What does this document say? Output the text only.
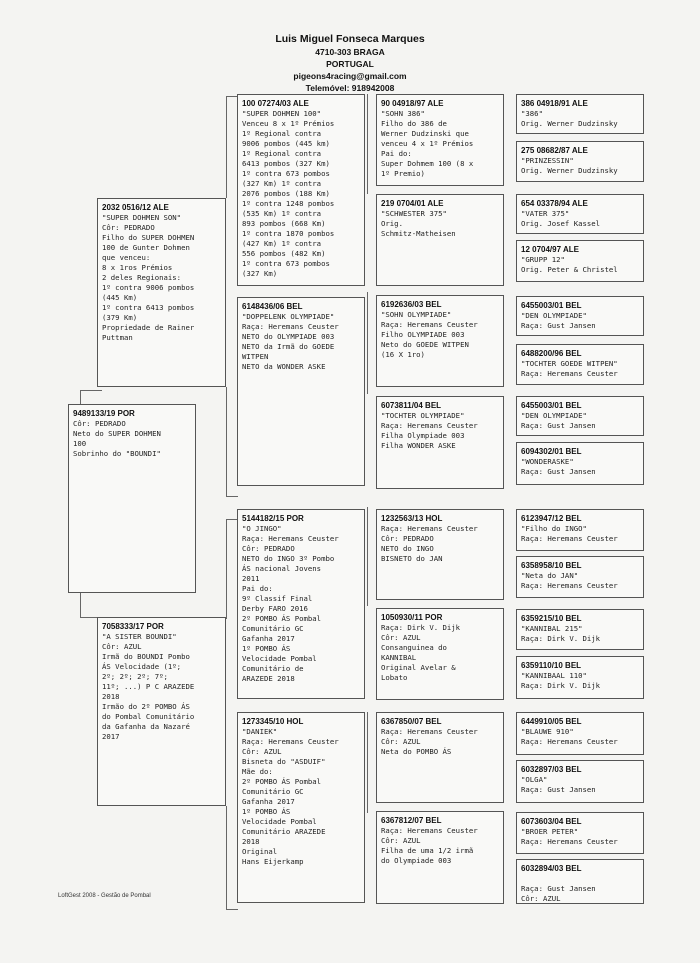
Luis Miguel Fonseca Marques
4710-303 BRAGA
PORTUGAL
pigeons4racing@gmail.com
Telemóvel: 918942008
9489133/19 POR
Côr: PEDRADO
Neto do SUPER DOHMEN
100
Sobrinho do "BOUNDI"
2032 0516/12 ALE
"SUPER DOHMEN SON"
Côr: PEDRADO
Filho do SUPER DOHMEN
100 de Gunter Dohmen
que venceu:
8 x 1ros Prémios
2 deles Regionais:
1º contra 9006 pombos
(445 Km)
1º contra 6413 pombos
(379 Km)
Propriedade de Rainer
Puttman
7058333/17 POR
"A SISTER BOUNDI"
Côr: AZUL
Irmã do BOUNDI Pombo
ÁS Velocidade (1º;
2º; 2º; 2º; 7º;
11º; ...) P C ARAZEDE
2018
Irmão do 2º POMBO ÁS
do Pombal Comunitário
da Gafanha da Nazaré
2017
100 07274/03 ALE
"SUPER DOHMEN 100"
Venceu 8 x 1º Prémios
1º Regional contra
9006 pombos (445 km)
1º Regional contra
6413 pombos (327 Km)
1º contra 673 pombos
(327 Km) 1º contra
2076 pombos (188 Km)
1º contra 1248 pombos
(535 Km) 1º contra
893 pombos (668 Km)
1º contra 1870 pombos
(427 Km) 1º contra
556 pombos (482 Km)
1º contra 673 pombos
(327 Km)
6148436/06 BEL
"DOPPELENK OLYMPIADE"
Raça: Heremans Ceuster
NETO do OLYMPIADE 003
NETO da Irmã do GOEDE
WITPEN
NETO da WONDER ASKE
5144182/15 POR
"O JINGO"
Raça: Heremans Ceuster
Côr: PEDRADO
NETO do INGO 3º Pombo
ÁS nacional Jovens
2011
Pai do:
9º Classif Final
Derby FARO 2016
2º POMBO ÁS Pombal
Comunitário GC
Gafanha 2017
1º POMBO ÁS
Velocidade Pombal
Comunitário de
ARAZEDE 2018
1273345/10 HOL
"DANIEK"
Raça: Heremans Ceuster
Côr: AZUL
Bisneta do "ASDUIF"
Mãe do:
2º POMBO ÁS Pombal
Comunitário GC
Gafanha 2017
1º POMBO ÁS
Velocidade Pombal
Comunitário ARAZEDE
2018
Original
Hans Eijerkamp
90 04918/97 ALE
"SOHN 386"
Filho do 386 de
Werner Dudzinski que
venceu 4 x 1º Prémios
Pai do:
Super Dohmem 100 (8 x
1º Premio)
219 0704/01 ALE
"SCHWESTER 375"
Orig.
Schmitz-Matheisen
6192636/03 BEL
"SOHN OLYMPIADE"
Raça: Heremans Ceuster
Filho OLYMPIADE 003
Neto do GOEDE WITPEN
(16 X 1ro)
6073811/04 BEL
"TOCHTER OLYMPIADE"
Raça: Heremans Ceuster
Filha Olympiade 003
Filha WONDER ASKE
1232563/13 HOL
Raça: Heremans Ceuster
Côr: PEDRADO
NETO do INGO
BISNETO do JAN
1050930/11 POR
Raça: Dirk V. Dijk
Côr: AZUL
Consanguinea do
KANNIBAL
Original Avelar &
Lobato
6367850/07 BEL
Raça: Heremans Ceuster
Côr: AZUL
Neta do POMBO ÁS
6367812/07 BEL
Raça: Heremans Ceuster
Côr: AZUL
Filha de uma 1/2 irmã
do Olympiade 003
386 04918/91 ALE
"386"
Orig. Werner Dudzinsky
275 08682/87 ALE
"PRINZESSIN"
Orig. Werner Dudzinsky
654 03378/94 ALE
"VATER 375"
Orig. Josef Kassel
12 0704/97 ALE
"GRUPP 12"
Orig. Peter & Christel
6455003/01 BEL
"DEN OLYMPIADE"
Raça: Gust Jansen
6488200/96 BEL
"TOCHTER GOEDE WITPEN"
Raça: Heremans Ceuster
6455003/01 BEL
"DEN OLYMPIADE"
Raça: Gust Jansen
6094302/01 BEL
"WONDERASKE"
Raça: Gust Jansen
6123947/12 BEL
"Filho do INGO"
Raça: Heremans Ceuster
6358958/10 BEL
"Neta do JAN"
Raça: Heremans Ceuster
6359215/10 BEL
"KANNIBAL 215"
Raça: Dirk V. Dijk
6359110/10 BEL
"KANNIBAAL 110"
Raça: Dirk V. Dijk
6449910/05 BEL
"BLAUWE 910"
Raça: Heremans Ceuster
6032897/03 BEL
"OLGA"
Raça: Gust Jansen
6073603/04 BEL
"BROER PETER"
Raça: Heremans Ceuster
6032894/03 BEL

Raça: Gust Jansen
Côr: AZUL
LoftGest 2008 - Gestão de Pombal
